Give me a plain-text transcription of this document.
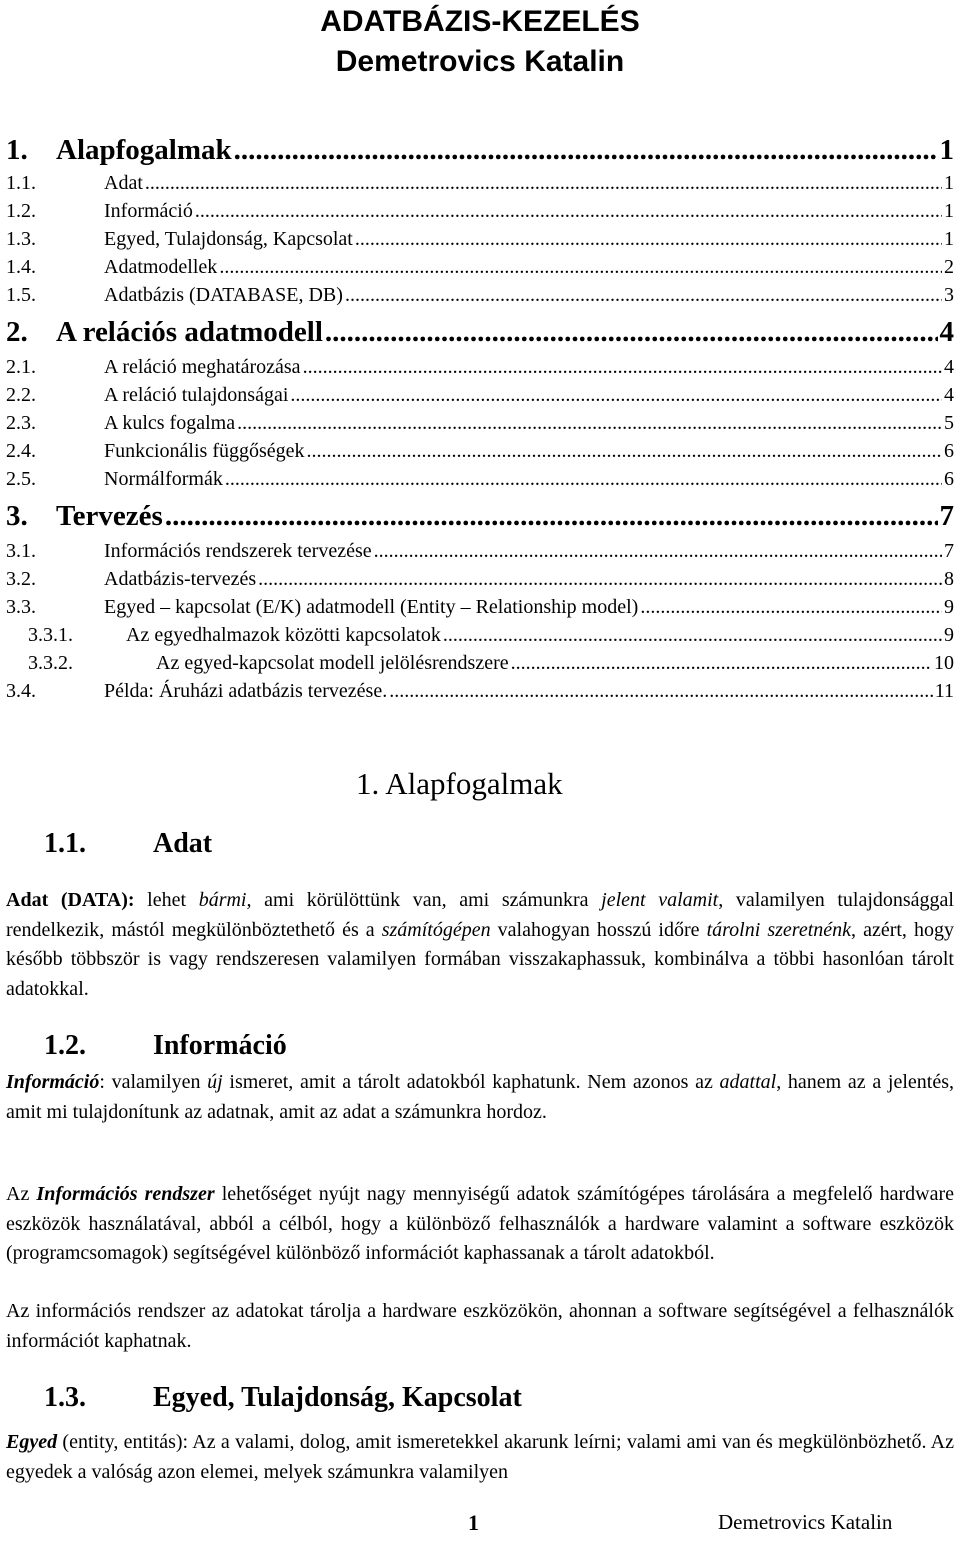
ADATBÁZIS-KEZELÉS
Demetrovics Katalin
1. Alapfogalmak .....	1
1.1.	Adat .....	1
1.2.	Információ .....	1
1.3.	Egyed, Tulajdonság, Kapcsolat .....	1
1.4.	Adatmodellek .....	2
1.5.	Adatbázis (DATABASE, DB) .....	3
2. A relációs adatmodell .....	4
2.1.	A reláció meghatározása .....	4
2.2.	A reláció tulajdonságai .....	4
2.3.	A kulcs fogalma .....	5
2.4.	Funkcionális függőségek .....	6
2.5.	Normálformák .....	6
3. Tervezés .....	7
3.1.	Információs rendszerek tervezése .....	7
3.2.	Adatbázis-tervezés .....	8
3.3.	Egyed – kapcsolat (E/K) adatmodell (Entity – Relationship model) .....	9
3.3.1.	Az egyedhalmazok közötti kapcsolatok .....	9
3.3.2.	Az egyed-kapcsolat modell jelölésrendszere .....	10
3.4.	Példa: Áruházi adatbázis tervezése. .....	11
1. Alapfogalmak
1.1. Adat

Adat (DATA): lehet bármi, ami körülöttünk van, ami számunkra jelent valamit, valamilyen tulajdonsággal rendelkezik, mástól megkülönböztethető és a számítógépen valahogyan hosszú időre tárolni szeretnénk, azért, hogy később többször is vagy rendszeresen valamilyen formában visszakaphassuk, kombinálva a többi hasonlóan tárolt adatokkal.

1.2. Információ

Információ: valamilyen új ismeret, amit a tárolt adatokból kaphatunk. Nem azonos az adattal, hanem az a jelentés, amit mi tulajdonítunk az adatnak, amit az adat a számunkra hordoz.

Az Információs rendszer lehetőséget nyújt nagy mennyiségű adatok számítógépes tárolására a megfelelő hardware eszközök használatával, abból a célból, hogy a különböző felhasználók a hardware valamint a software eszközök (programcsomagok) segítségével különböző információt kaphassanak a tárolt adatokból.

Az információs rendszer az adatokat tárolja a hardware eszközökön, ahonnan a software segítségével a felhasználók információt kaphatnak.

1.3. Egyed, Tulajdonság, Kapcsolat

Egyed (entity, entitás): Az a valami, dolog, amit ismeretekkel akarunk leírni; valami ami van és megkülönbözhető. Az egyedek a valóság azon elemei, melyek számunkra valamilyen

1	Demetrovics Katalin
